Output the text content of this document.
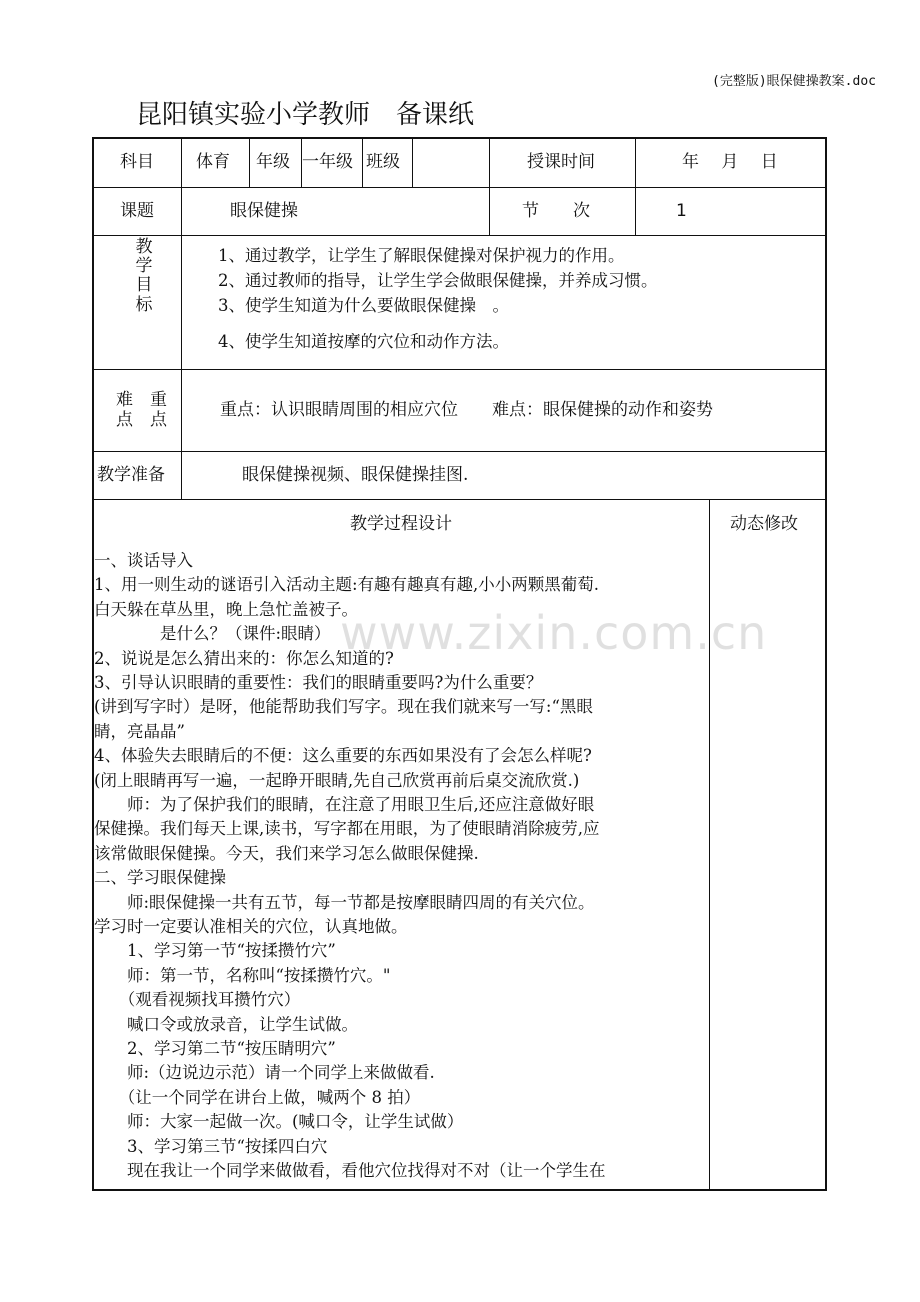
(完整版)眼保健操教案.doc
昆阳镇实验小学教师　备课纸
科目	体育 年级 一年级 班级	授课时间	年　 月　 日
课题	眼保健操	节　　次	1
教
学
目
标
1、通过教学，让学生了解眼保健操对保护视力的作用。
2、通过教师的指导，让学生学会做眼保健操，并养成习惯。
3、使学生知道为什么要做眼保健操　。
4、使学生知道按摩的穴位和动作方法。
难　重
点　点	重点：认识眼睛周围的相应穴位　　难点：眼保健操的动作和姿势
教学准备	眼保健操视频、眼保健操挂图.
教学过程设计	动态修改
www.zixin.com.cn
一、谈话导入
1、用一则生动的谜语引入活动主题:有趣有趣真有趣,小小两颗黑葡萄.
白天躲在草丛里，晚上急忙盖被子。
　　　　是什么？（课件:眼睛）
2、说说是怎么猜出来的：你怎么知道的?
3、引导认识眼睛的重要性：我们的眼睛重要吗?为什么重要？
(讲到写字时）是呀，他能帮助我们写字。现在我们就来写一写:“黑眼
睛，亮晶晶”
4、体验失去眼睛后的不便：这么重要的东西如果没有了会怎么样呢?
(闭上眼睛再写一遍，一起睁开眼睛,先自己欣赏再前后桌交流欣赏.)
　　师：为了保护我们的眼睛，在注意了用眼卫生后,还应注意做好眼
保健操。我们每天上课,读书，写字都在用眼，为了使眼睛消除疲劳,应
该常做眼保健操。今天，我们来学习怎么做眼保健操.
二、学习眼保健操
　　师:眼保健操一共有五节，每一节都是按摩眼睛四周的有关穴位。
学习时一定要认准相关的穴位，认真地做。
　　1、学习第一节“按揉攒竹穴”
　　师：第一节，名称叫“按揉攒竹穴。"
　　（观看视频找耳攒竹穴）
　　喊口令或放录音，让学生试做。
　　2、学习第二节“按压睛明穴”
　　师:（边说边示范）请一个同学上来做做看.
　　（让一个同学在讲台上做，喊两个 8 拍）
　　师：大家一起做一次。(喊口令，让学生试做）
　　3、学习第三节“按揉四白穴
　　现在我让一个同学来做做看，看他穴位找得对不对（让一个学生在
